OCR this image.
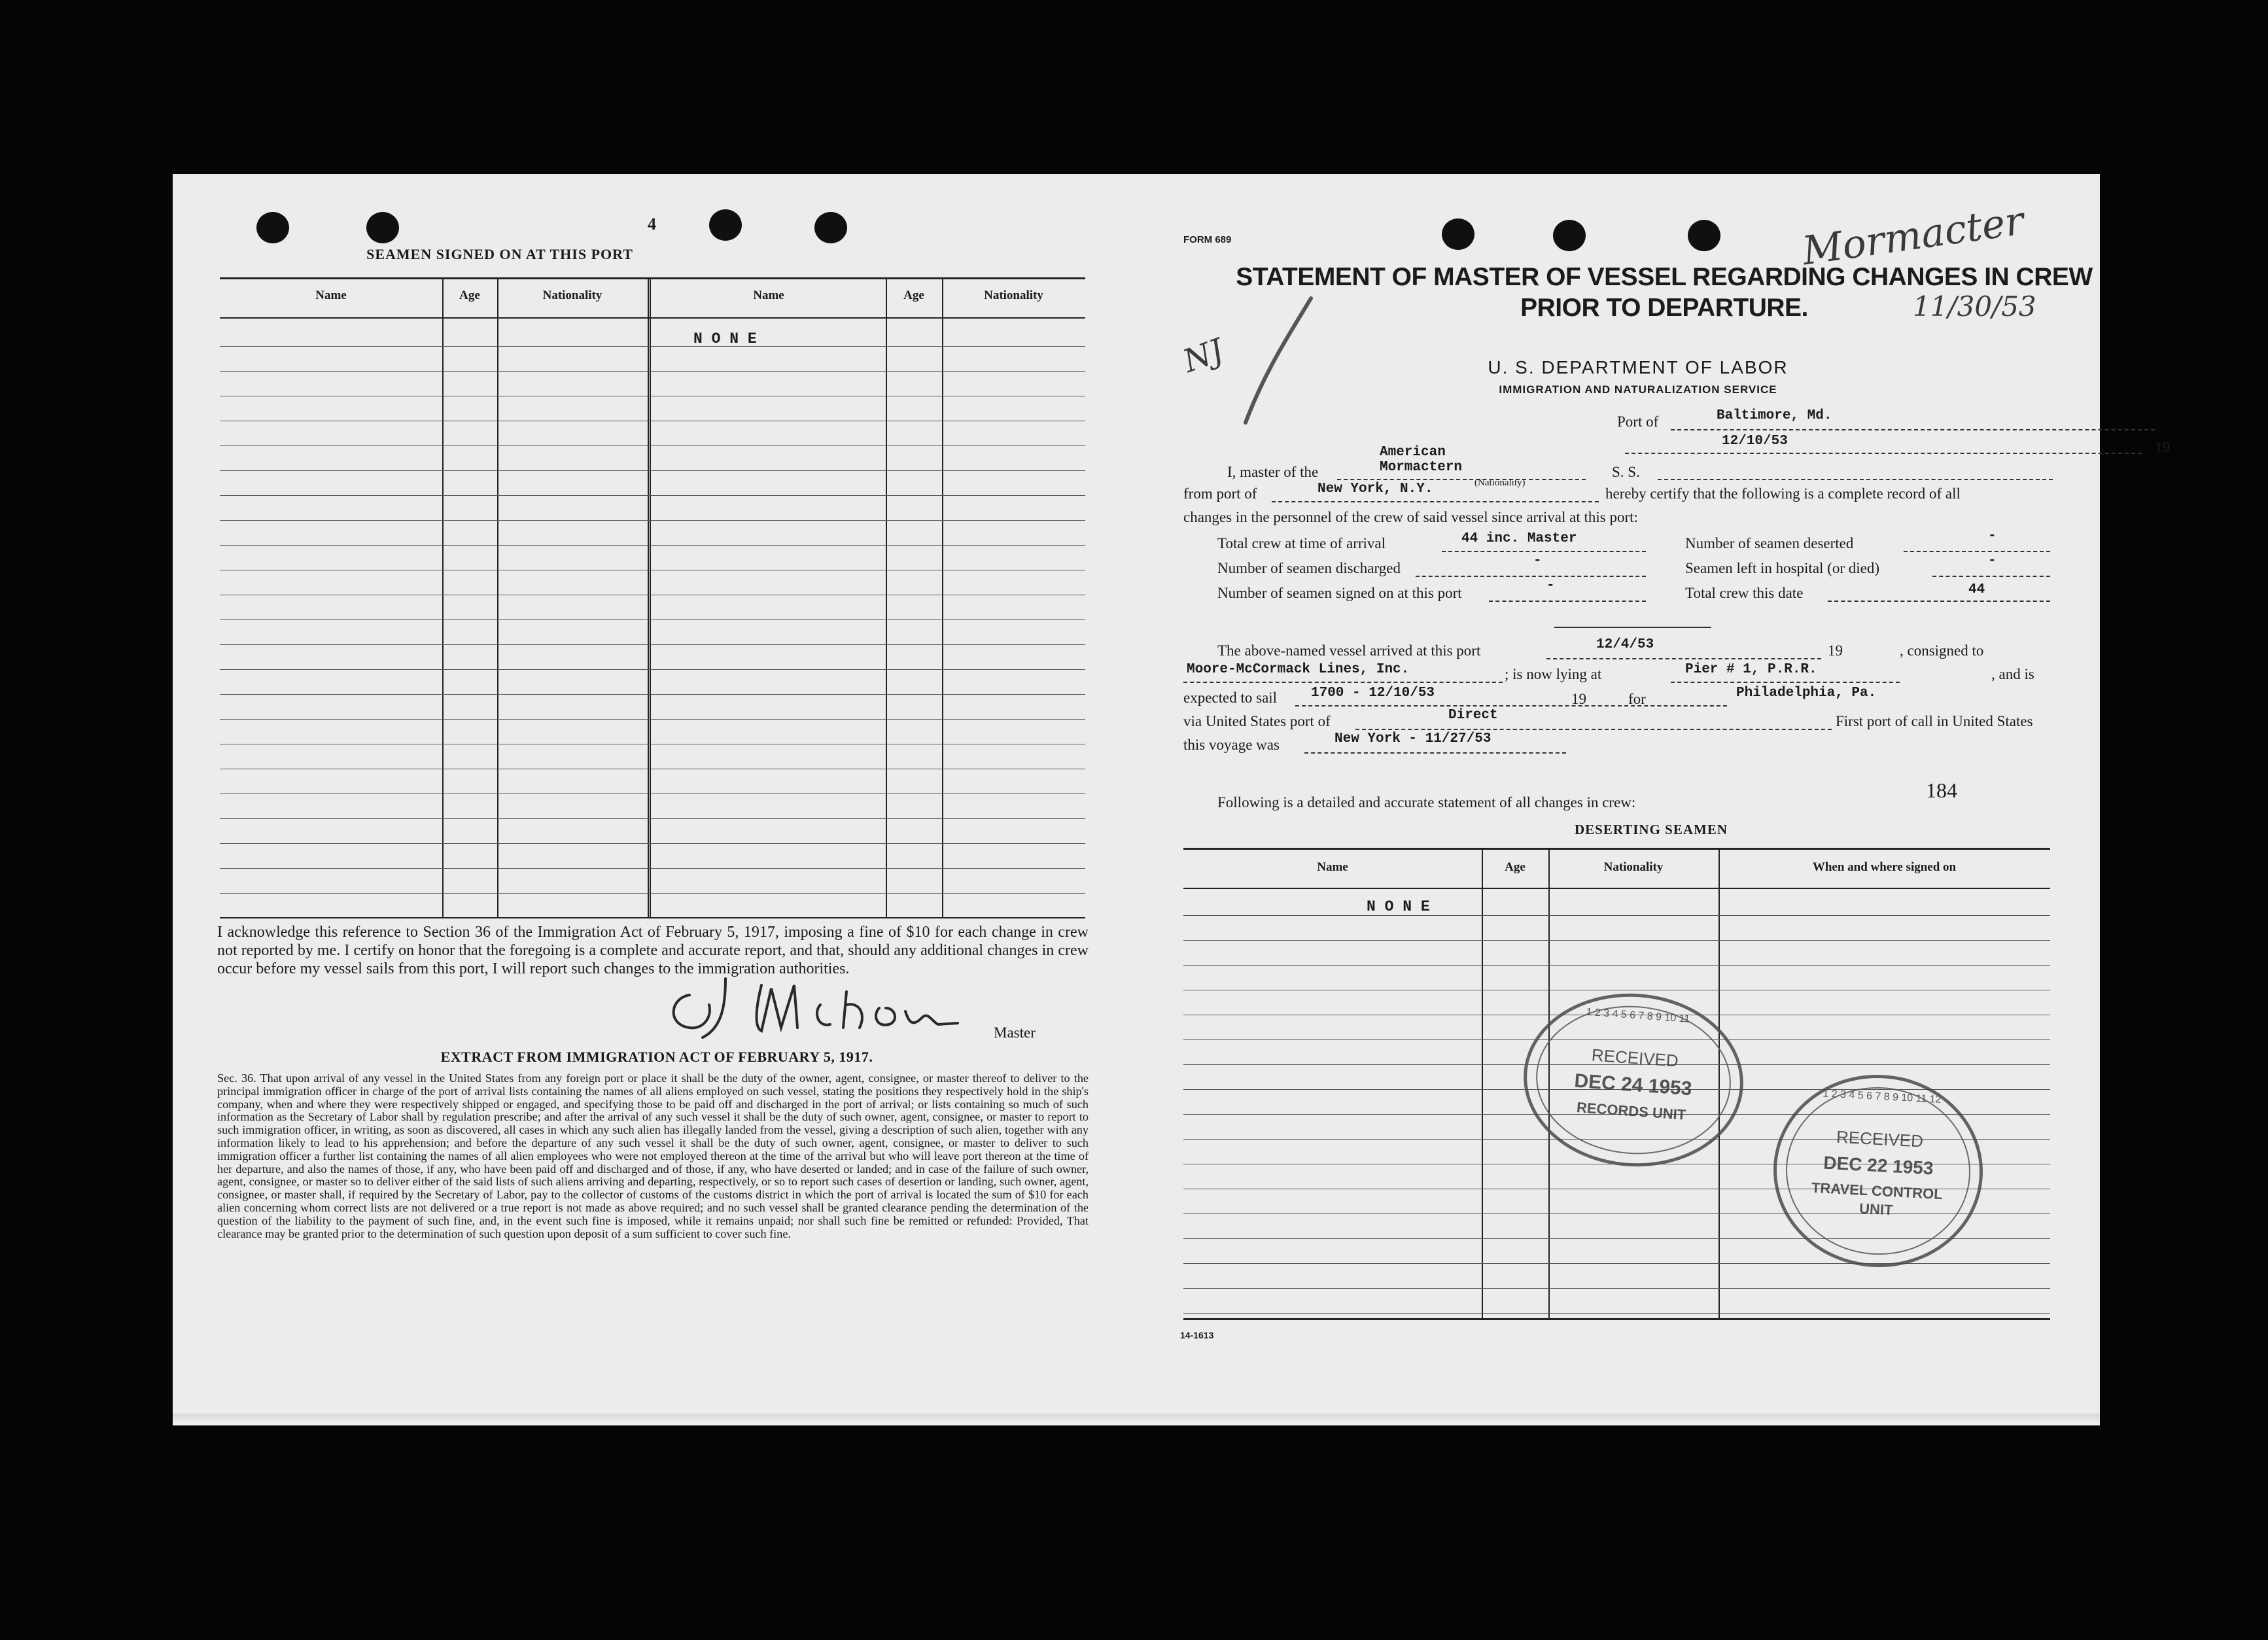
4
SEAMEN SIGNED ON AT THIS PORT
Name	Age	Nationality	Name	Age	Nationality
N O N E
I acknowledge this reference to Section 36 of the Immigration Act of February 5, 1917, imposing a fine of $10 for each change in crew not reported by me. I certify on honor that the foregoing is a complete and accurate report, and that, should any additional changes in crew occur before my vessel sails from this port, I will report such changes to the immigration authorities.
Master
EXTRACT FROM IMMIGRATION ACT OF FEBRUARY 5, 1917.
Sec. 36. That upon arrival of any vessel in the United States from any foreign port or place it shall be the duty of the owner, agent, consignee, or master thereof to deliver to the principal immigration officer in charge of the port of arrival lists containing the names of all aliens employed on such vessel, stating the positions they respectively hold in the ship's company, when and where they were respectively shipped or engaged, and specifying those to be paid off and discharged in the port of arrival; or lists containing so much of such information as the Secretary of Labor shall by regulation prescribe; and after the arrival of any such vessel it shall be the duty of such owner, agent, consignee, or master to report to such immigration officer, in writing, as soon as discovered, all cases in which any such alien has illegally landed from the vessel, giving a description of such alien, together with any information likely to lead to his apprehension; and before the departure of any such vessel it shall be the duty of such owner, agent, consignee, or master to deliver to such immigration officer a further list containing the names of all alien employees who were not employed thereon at the time of the arrival but who will leave port thereon at the time of her departure, and also the names of those, if any, who have been paid off and discharged and of those, if any, who have deserted or landed; and in case of the failure of such owner, agent, consignee, or master so to deliver either of the said lists of such aliens arriving and departing, respectively, or so to report such cases of desertion or landing, such owner, agent, consignee, or master shall, if required by the Secretary of Labor, pay to the collector of customs of the customs district in which the port of arrival is located the sum of $10 for each alien concerning whom correct lists are not delivered or a true report is not made as above required; and no such vessel shall be granted clearance pending the determination of the question of the liability to the payment of such fine, and, in the event such fine is imposed, while it remains unpaid; nor shall such fine be remitted or refunded: Provided, That clearance may be granted prior to the determination of such question upon deposit of a sum sufficient to cover such fine.
FORM 689
STATEMENT OF MASTER OF VESSEL REGARDING CHANGES IN CREW
PRIOR TO DEPARTURE.
U. S. DEPARTMENT OF LABOR
IMMIGRATION AND NATURALIZATION SERVICE
Mormacter
11/30/53
NJ
Port of	Baltimore, Md.
12/10/53	19
American
I, master of the	Mormactern	S. S.
from port of	New York, N.Y.	(Nationality)
hereby certify that the following is a complete record of all
changes in the personnel of the crew of said vessel since arrival at this port:
Total crew at time of arrival	44 inc. Master	Number of seamen deserted	-
Number of seamen discharged	-	Seamen left in hospital (or died)	-
Number of seamen signed on at this port	-	Total crew this date	44
The above-named vessel arrived at this port	12/4/53	19	, consigned to
Moore-McCormack Lines, Inc.	; is now lying at	Pier # 1, P.R.R.	, and is
expected to sail 1700 - 12/10/53	19	for	Philadelphia, Pa.
via United States port of	Direct	First port of call in United States
this voyage was	New York - 11/27/53
Following is a detailed and accurate statement of all changes in crew:
184
DESERTING SEAMEN
Name	Age	Nationality	When and where signed on
N O N E
1 2 3 4 5 6 7 8 9 10 11
RECEIVED
DEC 24 1953
RECORDS UNIT
1 2 3 4 5 6 7 8 9 10 11 12
RECEIVED
DEC 22 1953
TRAVEL CONTROL
UNIT
14-1613
